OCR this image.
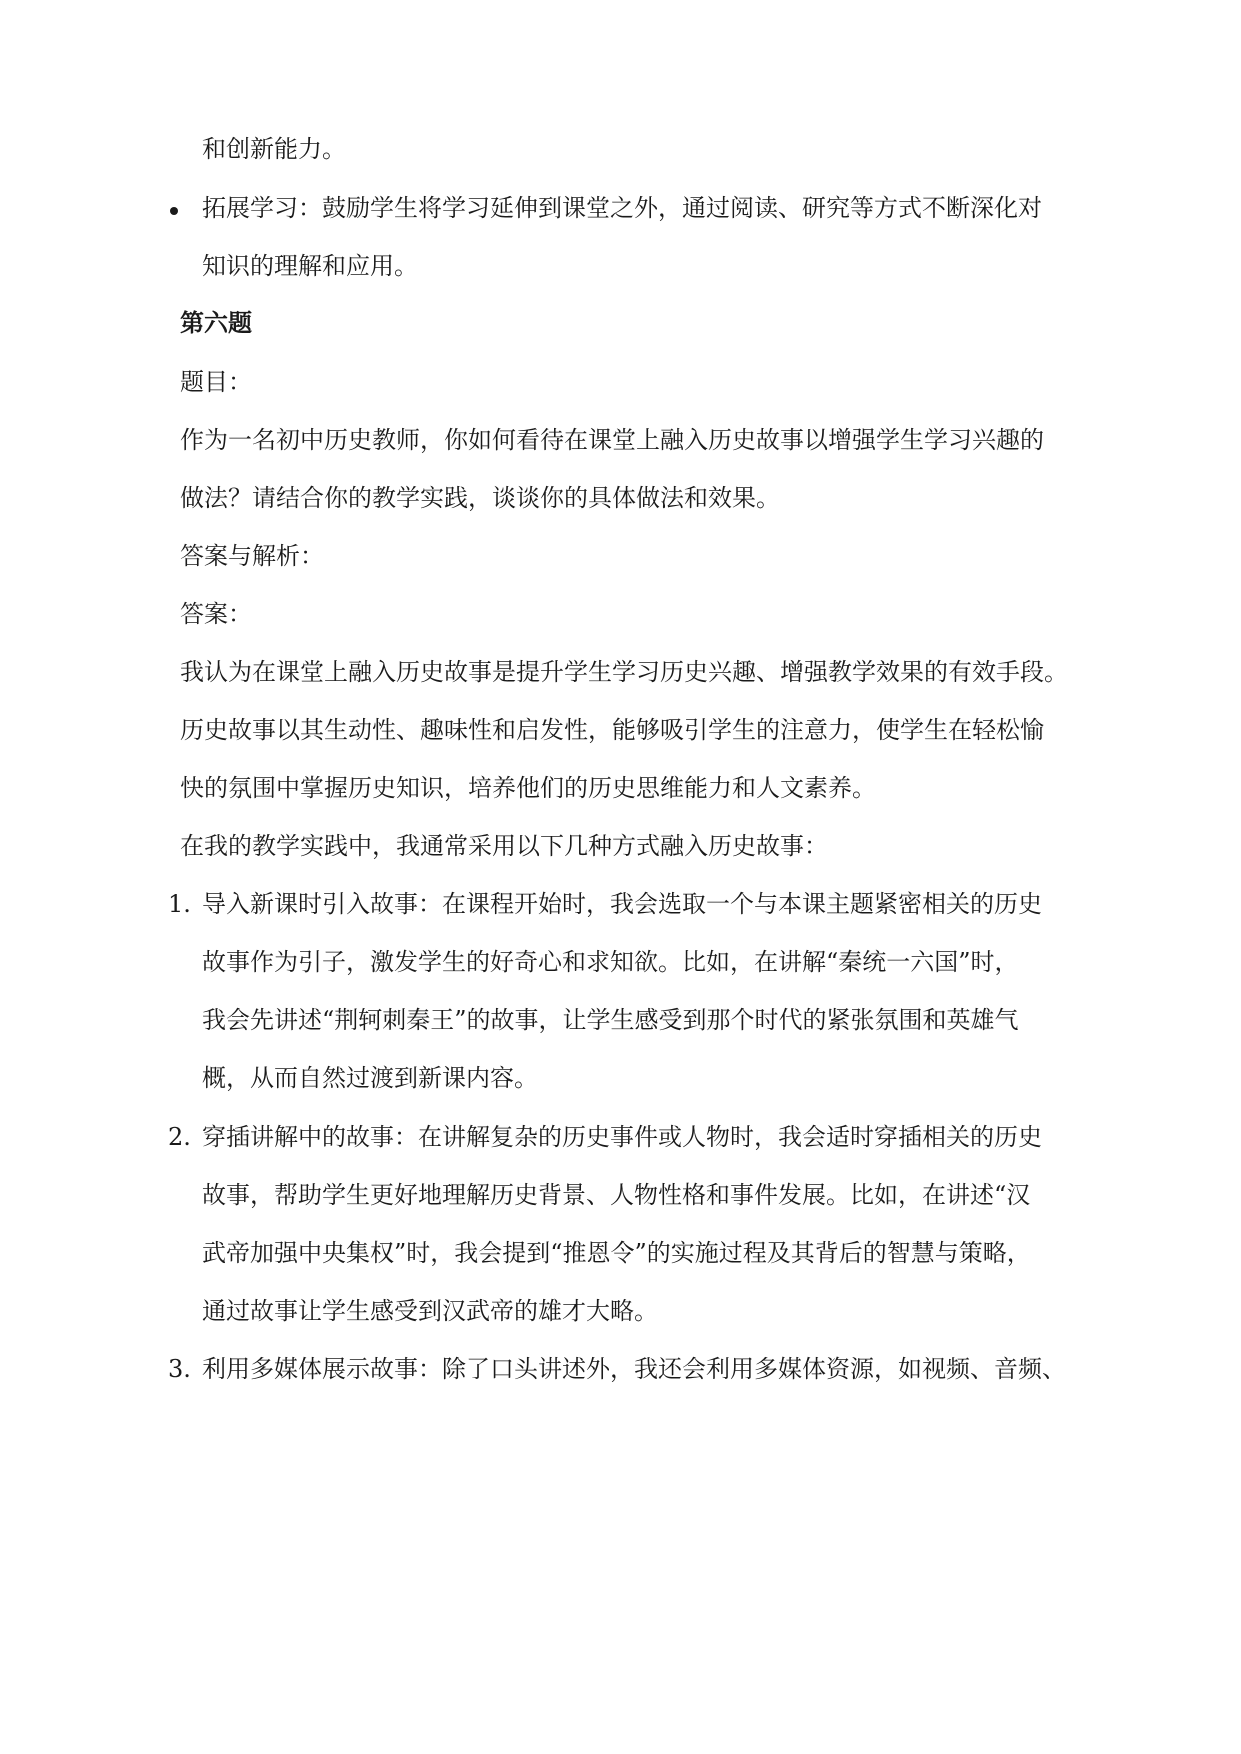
和创新能力。
拓展学习：鼓励学生将学习延伸到课堂之外，通过阅读、研究等方式不断深化对
知识的理解和应用。
第六题
题目：
作为一名初中历史教师，你如何看待在课堂上融入历史故事以增强学生学习兴趣的
做法？请结合你的教学实践，谈谈你的具体做法和效果。
答案与解析：
答案：
我认为在课堂上融入历史故事是提升学生学习历史兴趣、增强教学效果的有效手段。
历史故事以其生动性、趣味性和启发性，能够吸引学生的注意力，使学生在轻松愉
快的氛围中掌握历史知识，培养他们的历史思维能力和人文素养。
在我的教学实践中，我通常采用以下几种方式融入历史故事：
1. 导入新课时引入故事：在课程开始时，我会选取一个与本课主题紧密相关的历史
故事作为引子，激发学生的好奇心和求知欲。比如，在讲解“秦统一六国”时，
我会先讲述“荆轲刺秦王”的故事，让学生感受到那个时代的紧张氛围和英雄气
概，从而自然过渡到新课内容。
2. 穿插讲解中的故事：在讲解复杂的历史事件或人物时，我会适时穿插相关的历史
故事，帮助学生更好地理解历史背景、人物性格和事件发展。比如，在讲述“汉
武帝加强中央集权”时，我会提到“推恩令”的实施过程及其背后的智慧与策略，
通过故事让学生感受到汉武帝的雄才大略。
3. 利用多媒体展示故事：除了口头讲述外，我还会利用多媒体资源，如视频、音频、
